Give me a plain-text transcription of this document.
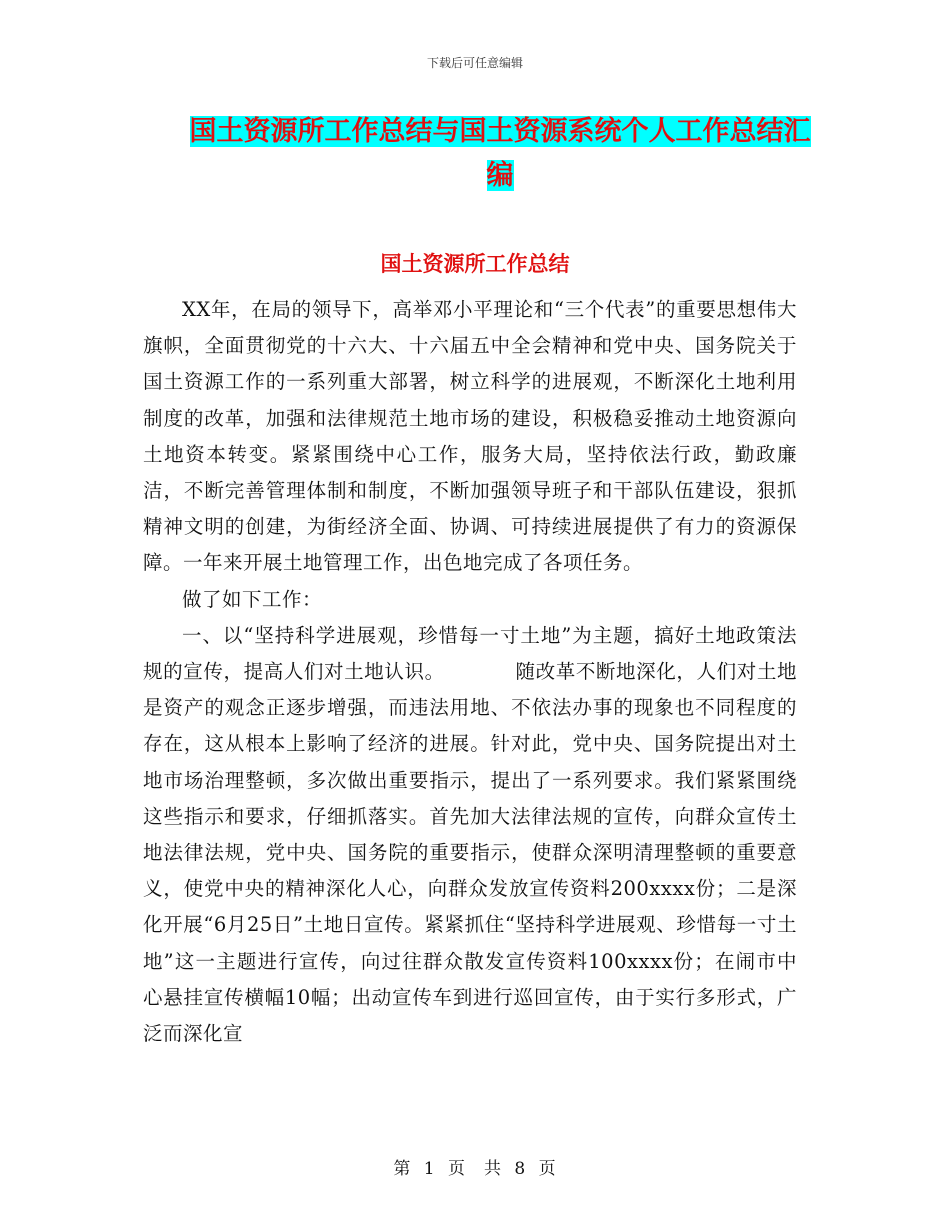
下载后可任意编辑
国土资源所工作总结与国土资源系统个人工作总结汇
编
国土资源所工作总结

XX年，在局的领导下，高举邓小平理论和“三个代表”的重要思想伟大旗帜，全面贯彻党的十六大、十六届五中全会精神和党中央、国务院关于国土资源工作的一系列重大部署，树立科学的进展观，不断深化土地利用制度的改革，加强和法律规范土地市场的建设，积极稳妥推动土地资源向土地资本转变。紧紧围绕中心工作，服务大局，坚持依法行政，勤政廉洁，不断完善管理体制和制度，不断加强领导班子和干部队伍建设，狠抓精神文明的创建，为街经济全面、协调、可持续进展提供了有力的资源保障。一年来开展土地管理工作，出色地完成了各项任务。

做了如下工作：

一、以“坚持科学进展观，珍惜每一寸土地”为主题，搞好土地政策法规的宣传，提高人们对土地认识。　　　　随改革不断地深化，人们对土地是资产的观念正逐步增强，而违法用地、不依法办事的现象也不同程度的存在，这从根本上影响了经济的进展。针对此，党中央、国务院提出对土地市场治理整顿，多次做出重要指示，提出了一系列要求。我们紧紧围绕这些指示和要求，仔细抓落实。首先加大法律法规的宣传，向群众宣传土地法律法规，党中央、国务院的重要指示，使群众深明清理整顿的重要意义，使党中央的精神深化人心，向群众发放宣传资料200xxxx份；二是深化开展“6月25日”土地日宣传。紧紧抓住“坚持科学进展观、珍惜每一寸土地”这一主题进行宣传，向过往群众散发宣传资料100xxxx份；在闹市中心悬挂宣传横幅10幅；出动宣传车到进行巡回宣传，由于实行多形式，广泛而深化宣

第 1 页　共 8 页
